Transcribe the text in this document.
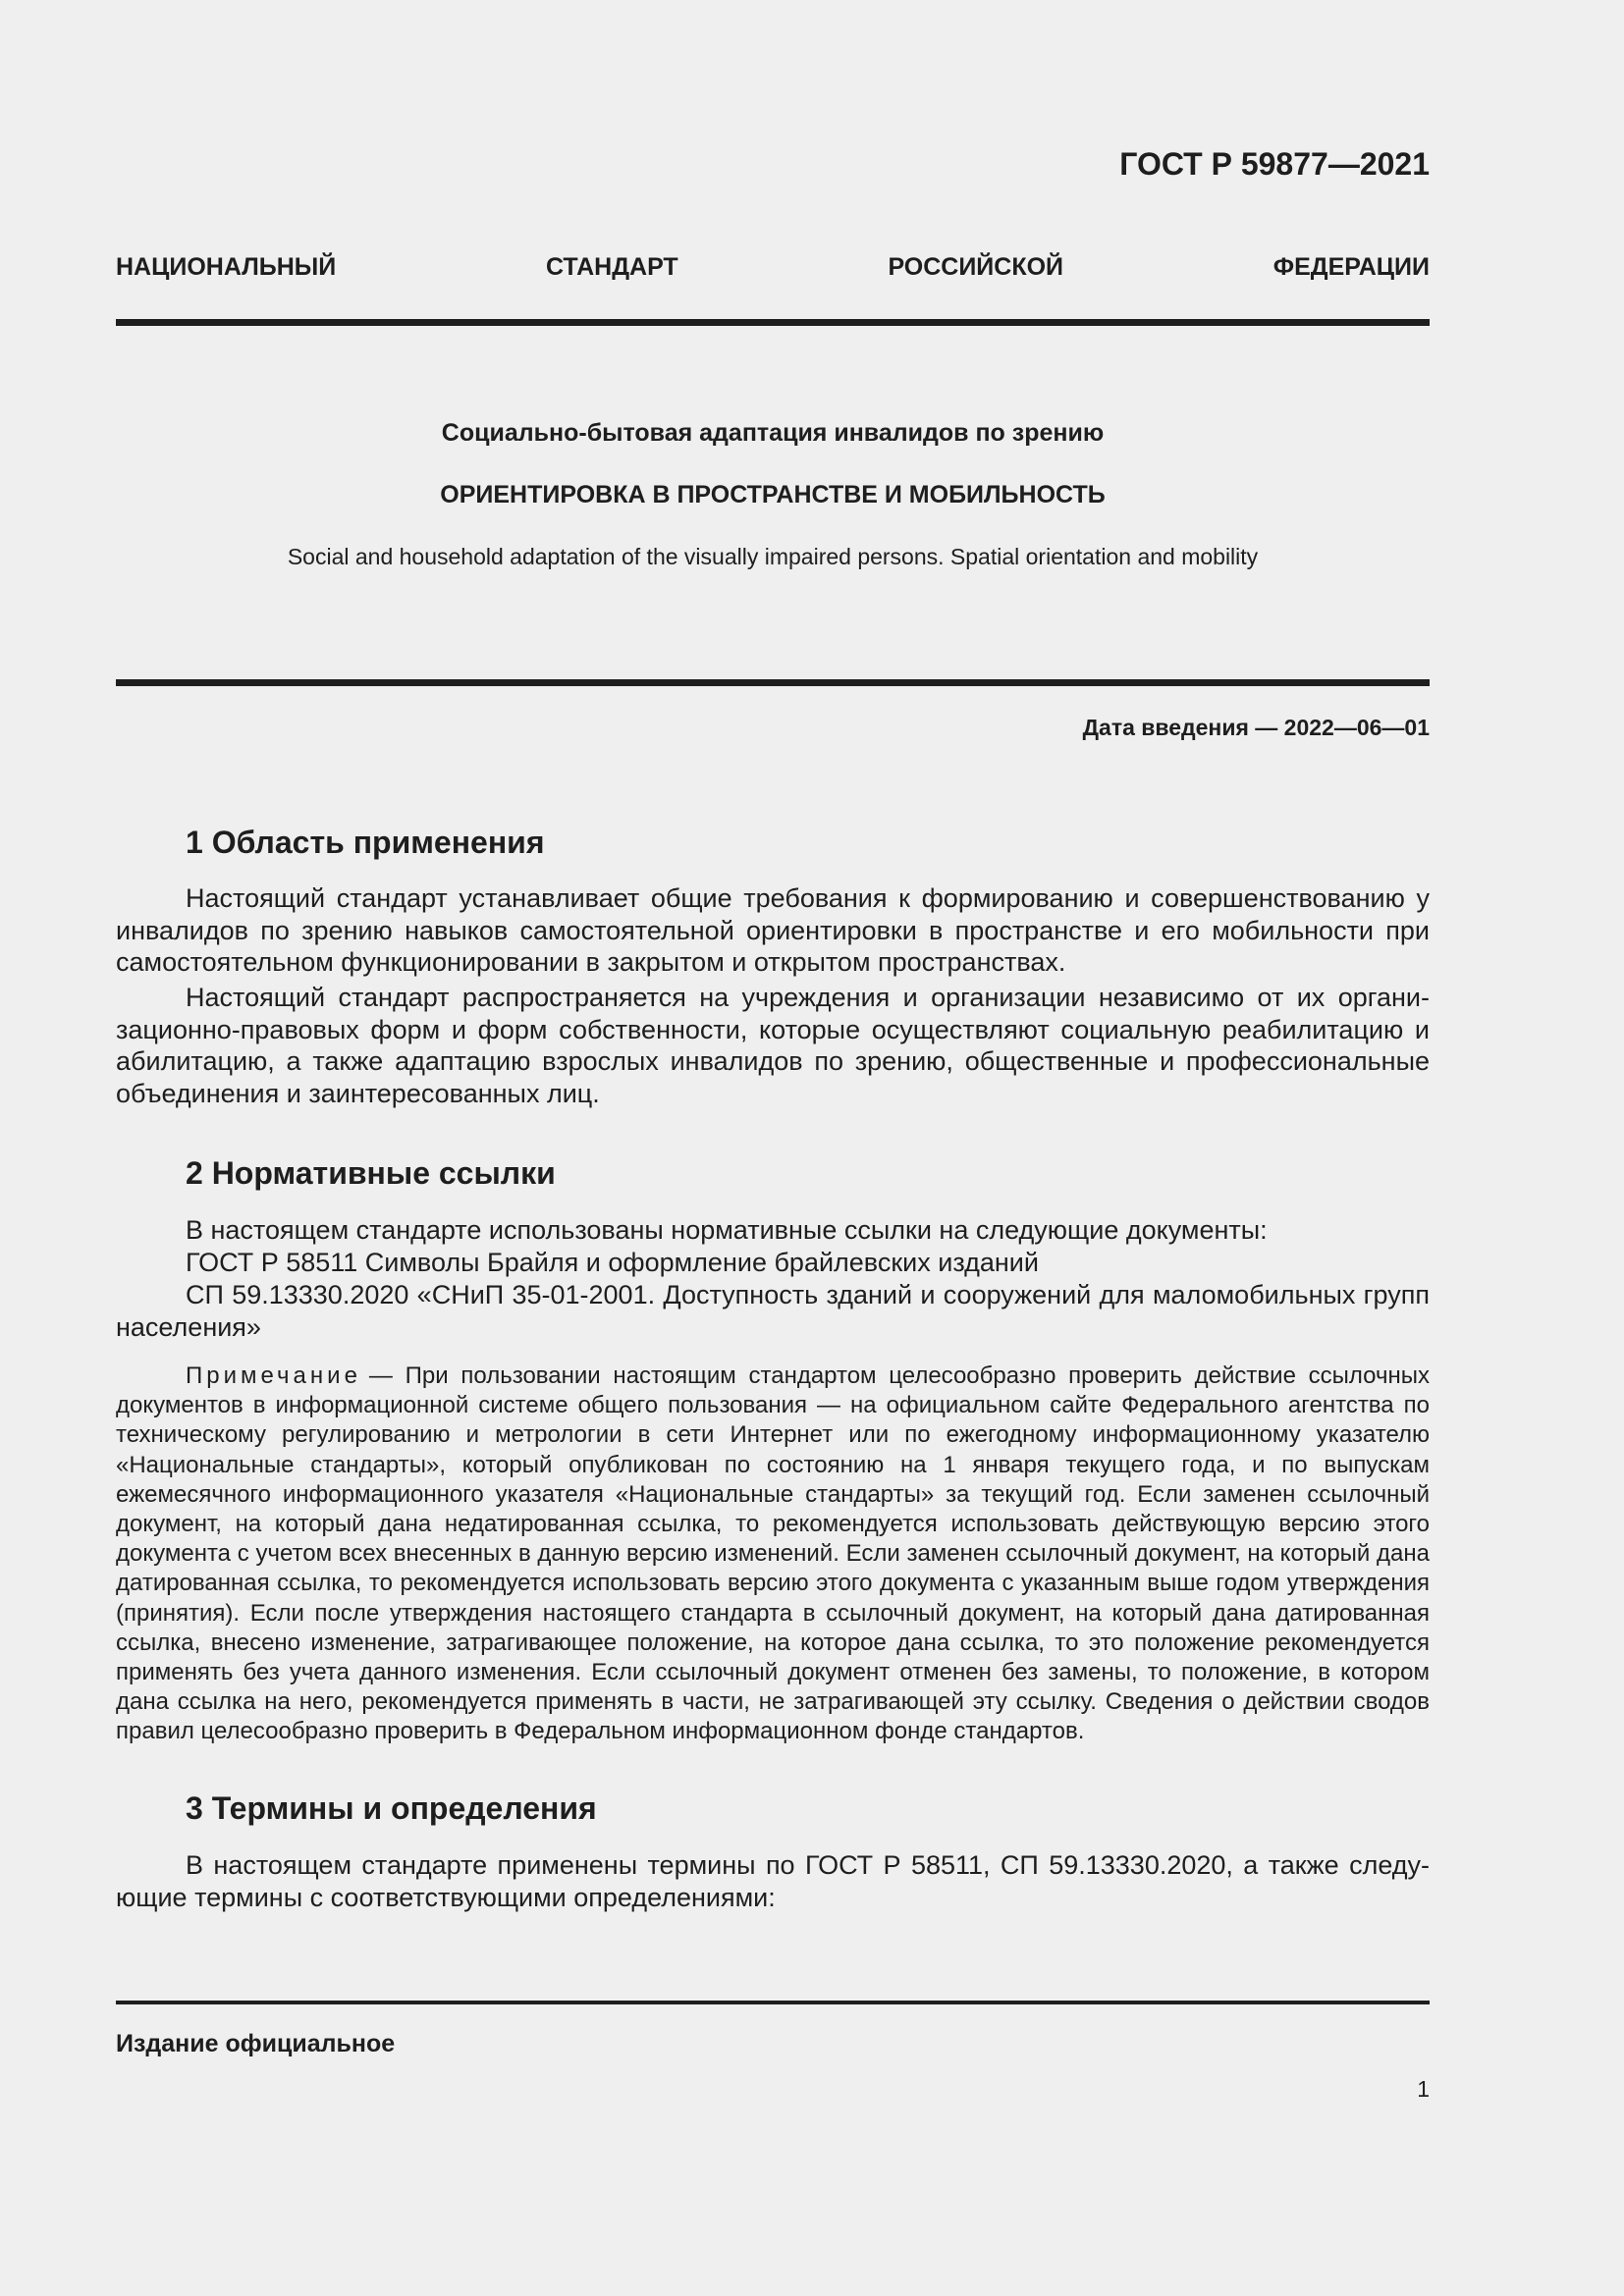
ГОСТ Р 59877—2021
НАЦИОНАЛЬНЫЙ СТАНДАРТ РОССИЙСКОЙ ФЕДЕРАЦИИ
Социально-бытовая адаптация инвалидов по зрению
ОРИЕНТИРОВКА В ПРОСТРАНСТВЕ И МОБИЛЬНОСТЬ
Social and household adaptation of the visually impaired persons. Spatial orientation and mobility
Дата введения — 2022—06—01
1 Область применения

Настоящий стандарт устанавливает общие требования к формированию и совершенствованию у инвалидов по зрению навыков самостоятельной ориентировки в пространстве и его мобильности при самостоятельном функционировании в закрытом и открытом пространствах.

Настоящий стандарт распространяется на учреждения и организации независимо от их организационно-правовых форм и форм собственности, которые осуществляют социальную реабилитацию и абилитацию, а также адаптацию взрослых инвалидов по зрению, общественные и профессиональные объединения и заинтересованных лиц.

2 Нормативные ссылки

В настоящем стандарте использованы нормативные ссылки на следующие документы:

ГОСТ Р 58511 Символы Брайля и оформление брайлевских изданий

СП 59.13330.2020 «СНиП 35-01-2001. Доступность зданий и сооружений для маломобильных групп населения»

Примечание — При пользовании настоящим стандартом целесообразно проверить действие ссылочных документов в информационной системе общего пользования — на официальном сайте Федерального агентства по техническому регулированию и метрологии в сети Интернет или по ежегодному информационному указателю «Национальные стандарты», который опубликован по состоянию на 1 января текущего года, и по выпускам ежемесячного информационного указателя «Национальные стандарты» за текущий год. Если заменен ссылочный документ, на который дана недатированная ссылка, то рекомендуется использовать действующую версию этого документа с учетом всех внесенных в данную версию изменений. Если заменен ссылочный документ, на который дана датированная ссылка, то рекомендуется использовать версию этого документа с указанным выше годом утверждения (принятия). Если после утверждения настоящего стандарта в ссылочный документ, на который дана датированная ссылка, внесено изменение, затрагивающее положение, на которое дана ссылка, то это положение рекомендуется применять без учета данного изменения. Если ссылочный документ отменен без замены, то положение, в котором дана ссылка на него, рекомендуется применять в части, не затрагивающей эту ссылку. Сведения о действии сводов правил целесообразно проверить в Федеральном информационном фонде стандартов.

3 Термины и определения

В настоящем стандарте применены термины по ГОСТ Р 58511, СП 59.13330.2020, а также следующие термины с соответствующими определениями:

Издание официальное
1
